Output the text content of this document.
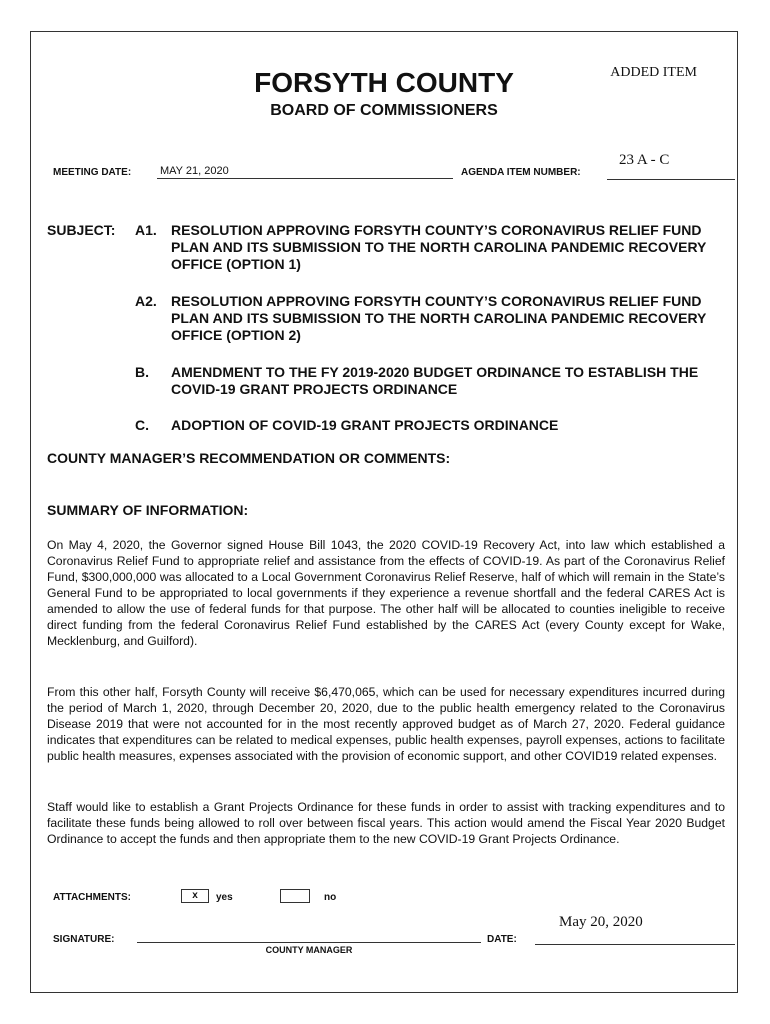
FORSYTH COUNTY
BOARD OF COMMISSIONERS
ADDED ITEM
MEETING DATE:	MAY 21, 2020	AGENDA ITEM NUMBER:
23 A - C
SUBJECT: A1. RESOLUTION APPROVING FORSYTH COUNTY’S CORONAVIRUS RELIEF FUND PLAN AND ITS SUBMISSION TO THE NORTH CAROLINA PANDEMIC RECOVERY OFFICE (OPTION 1)
A2. RESOLUTION APPROVING FORSYTH COUNTY’S CORONAVIRUS RELIEF FUND PLAN AND ITS SUBMISSION TO THE NORTH CAROLINA PANDEMIC RECOVERY OFFICE (OPTION 2)
B. AMENDMENT TO THE FY 2019-2020 BUDGET ORDINANCE TO ESTABLISH THE COVID-19 GRANT PROJECTS ORDINANCE
C. ADOPTION OF COVID-19 GRANT PROJECTS ORDINANCE
COUNTY MANAGER’S RECOMMENDATION OR COMMENTS:
SUMMARY OF INFORMATION:
On May 4, 2020, the Governor signed House Bill 1043, the 2020 COVID-19 Recovery Act, into law which established a Coronavirus Relief Fund to appropriate relief and assistance from the effects of COVID-19. As part of the Coronavirus Relief Fund, $300,000,000 was allocated to a Local Government Coronavirus Relief Reserve, half of which will remain in the State’s General Fund to be appropriated to local governments if they experience a revenue shortfall and the federal CARES Act is amended to allow the use of federal funds for that purpose. The other half will be allocated to counties ineligible to receive direct funding from the federal Coronavirus Relief Fund established by the CARES Act (every County except for Wake, Mecklenburg, and Guilford).
From this other half, Forsyth County will receive $6,470,065, which can be used for necessary expenditures incurred during the period of March 1, 2020, through December 20, 2020, due to the public health emergency related to the Coronavirus Disease 2019 that were not accounted for in the most recently approved budget as of March 27, 2020. Federal guidance indicates that expenditures can be related to medical expenses, public health expenses, payroll expenses, actions to facilitate public health measures, expenses associated with the provision of economic support, and other COVID19 related expenses.
Staff would like to establish a Grant Projects Ordinance for these funds in order to assist with tracking expenditures and to facilitate these funds being allowed to roll over between fiscal years. This action would amend the Fiscal Year 2020 Budget Ordinance to accept the funds and then appropriate them to the new COVID-19 Grant Projects Ordinance.
ATTACHMENTS:	x	yes	no
SIGNATURE:
COUNTY MANAGER
DATE:
May 20, 2020
